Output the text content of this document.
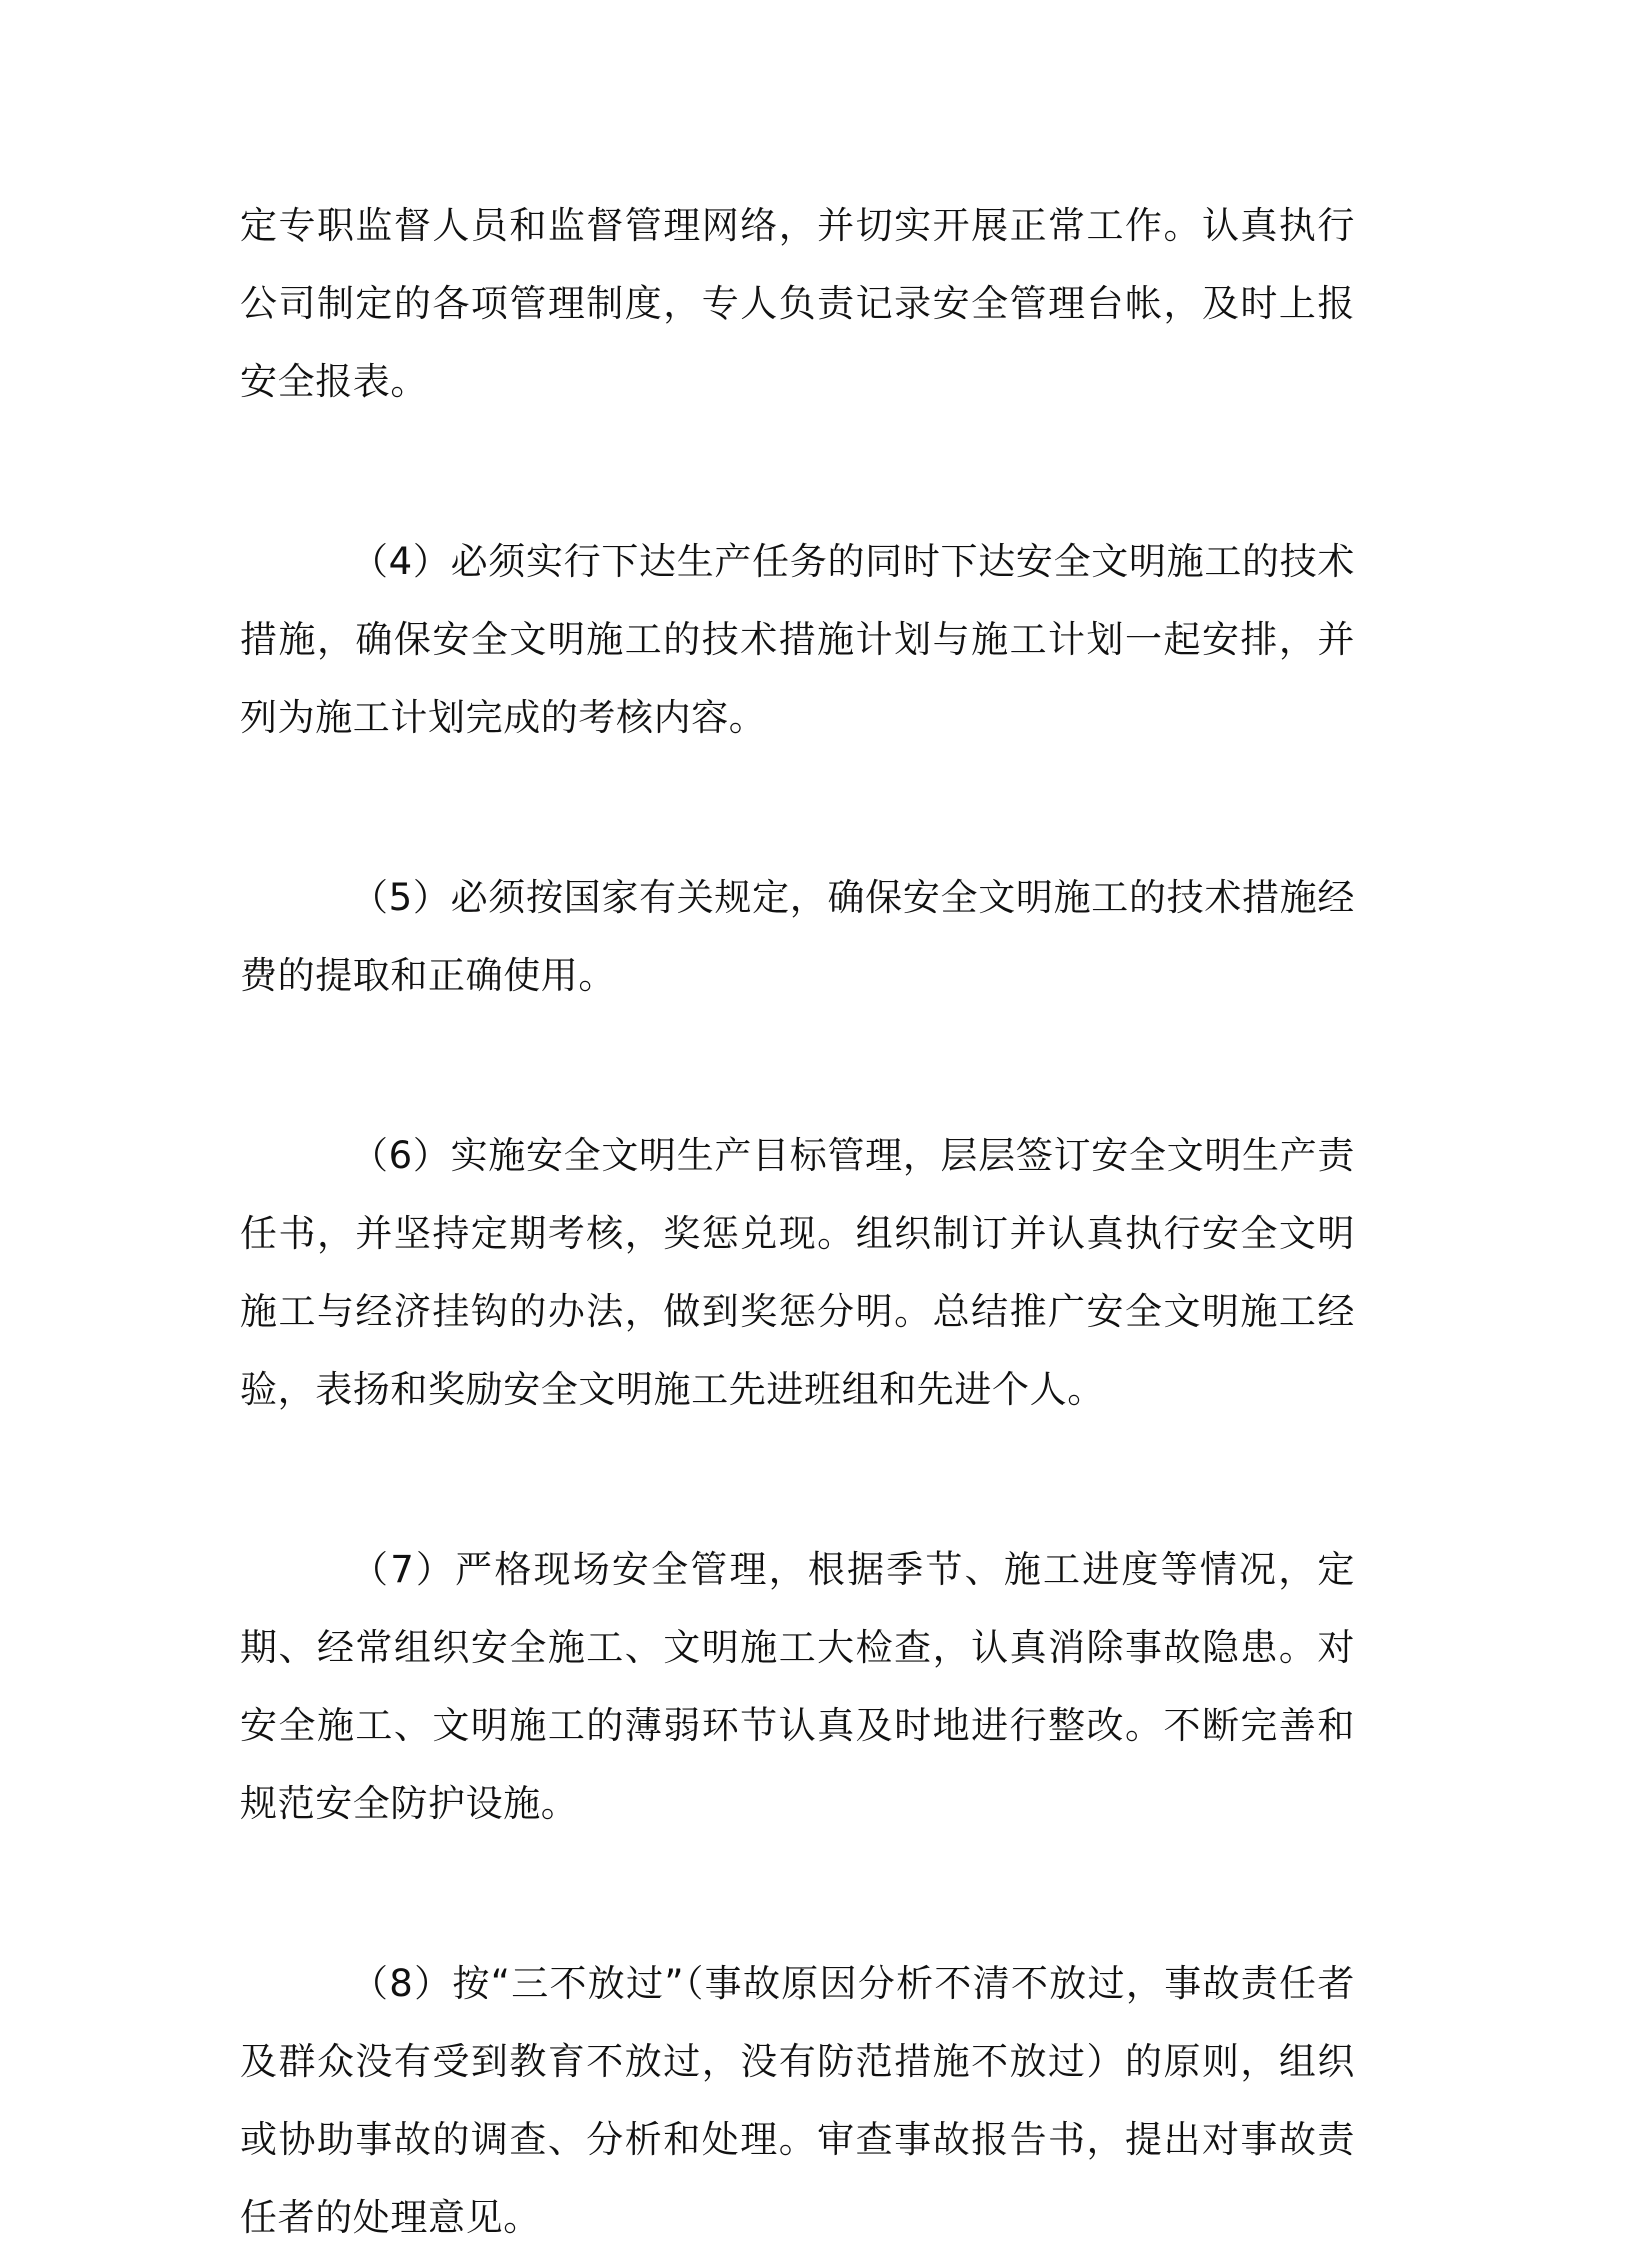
定专职监督人员和监督管理网络，并切实开展正常工作。认真执行公司制定的各项管理制度，专人负责记录安全管理台帐，及时上报安全报表。

（4）必须实行下达生产任务的同时下达安全文明施工的技术措施，确保安全文明施工的技术措施计划与施工计划一起安排，并列为施工计划完成的考核内容。

（5）必须按国家有关规定，确保安全文明施工的技术措施经费的提取和正确使用。

（6）实施安全文明生产目标管理，层层签订安全文明生产责任书，并坚持定期考核，奖惩兑现。组织制订并认真执行安全文明施工与经济挂钩的办法，做到奖惩分明。总结推广安全文明施工经验，表扬和奖励安全文明施工先进班组和先进个人。

（7）严格现场安全管理，根据季节、施工进度等情况，定期、经常组织安全施工、文明施工大检查，认真消除事故隐患。对安全施工、文明施工的薄弱环节认真及时地进行整改。不断完善和规范安全防护设施。

（8）按“三不放过”（事故原因分析不清不放过，事故责任者及群众没有受到教育不放过，没有防范措施不放过）的原则，组织或协助事故的调查、分析和处理。审查事故报告书，提出对事故责任者的处理意见。
